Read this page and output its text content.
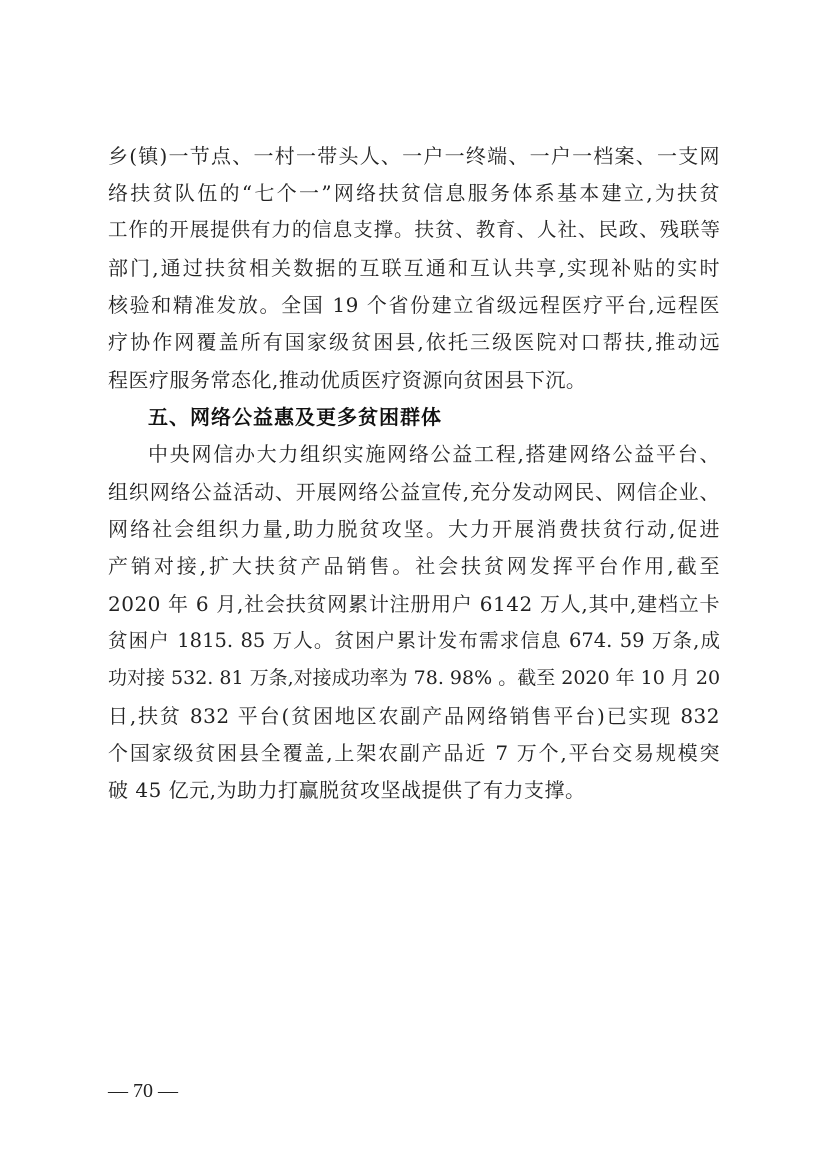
乡(镇)一节点、一村一带头人、一户一终端、一户一档案、一支网
络扶贫队伍的“七个一”网络扶贫信息服务体系基本建立,为扶贫
工作的开展提供有力的信息支撑。扶贫、教育、人社、民政、残联等
部门,通过扶贫相关数据的互联互通和互认共享,实现补贴的实时
核验和精准发放。全国 19 个省份建立省级远程医疗平台,远程医
疗协作网覆盖所有国家级贫困县,依托三级医院对口帮扶,推动远
程医疗服务常态化,推动优质医疗资源向贫困县下沉。
五、网络公益惠及更多贫困群体
中央网信办大力组织实施网络公益工程,搭建网络公益平台、
组织网络公益活动、开展网络公益宣传,充分发动网民、网信企业、
网络社会组织力量,助力脱贫攻坚。大力开展消费扶贫行动,促进
产销对接,扩大扶贫产品销售。社会扶贫网发挥平台作用,截至
2020 年 6 月,社会扶贫网累计注册用户 6142 万人,其中,建档立卡
贫困户 1815. 85 万人。贫困户累计发布需求信息 674. 59 万条,成
功对接 532. 81 万条,对接成功率为 78. 98% 。截至 2020 年 10 月 20
日,扶贫 832 平台(贫困地区农副产品网络销售平台)已实现 832
个国家级贫困县全覆盖,上架农副产品近 7 万个,平台交易规模突
破 45 亿元,为助力打赢脱贫攻坚战提供了有力支撑。
— 70 —
